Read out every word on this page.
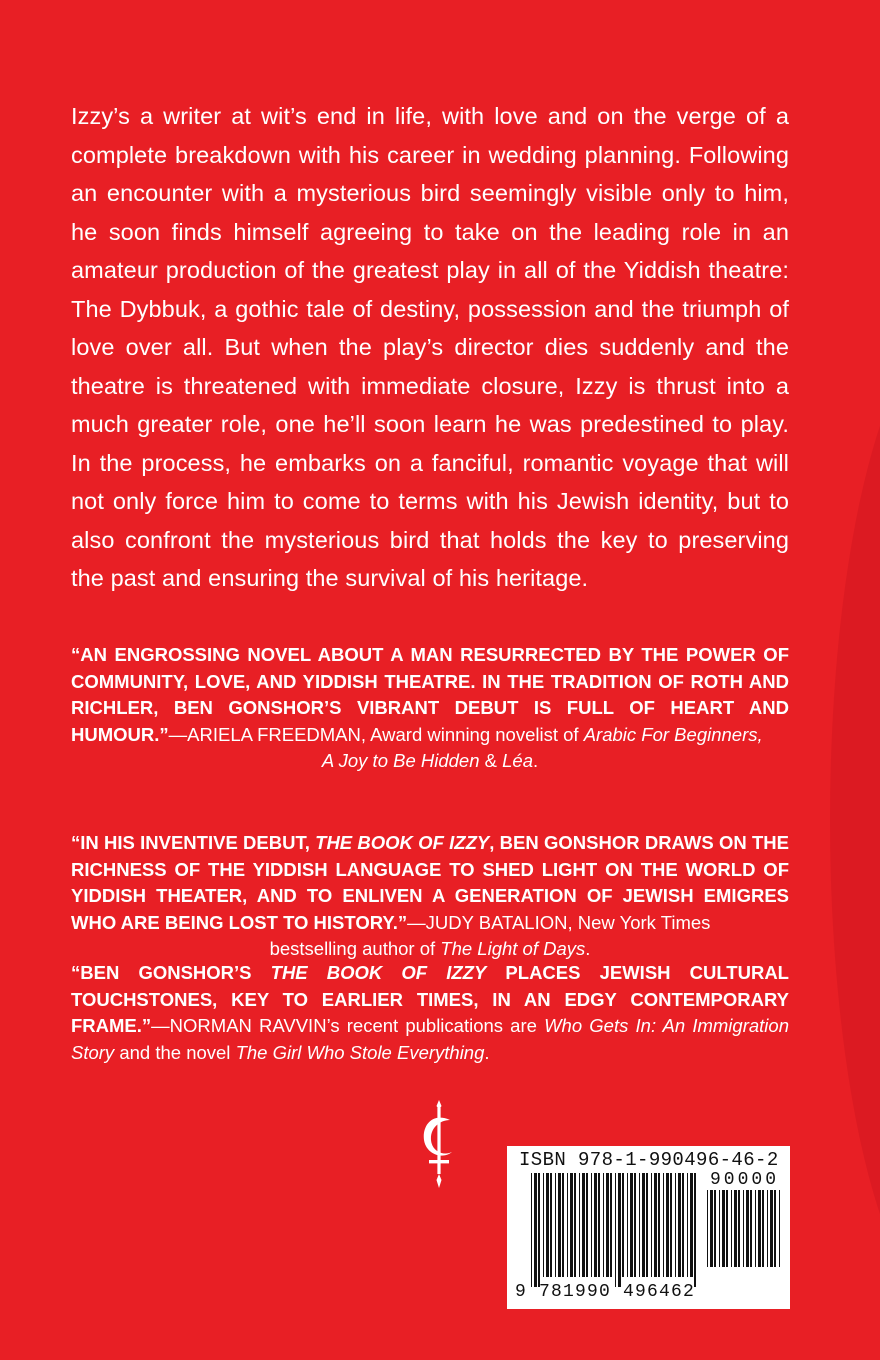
Izzy’s a writer at wit’s end in life, with love and on the verge of a complete breakdown with his career in wedding planning. Following an encounter with a mysterious bird seemingly visible only to him, he soon finds himself agreeing to take on the leading role in an amateur production of the greatest play in all of the Yiddish theatre: The Dybbuk, a gothic tale of destiny, possession and the triumph of love over all. But when the play’s director dies suddenly and the theatre is threatened with immediate closure, Izzy is thrust into a much greater role, one he’ll soon learn he was predestined to play. In the process, he embarks on a fanciful, romantic voyage that will not only force him to come to terms with his Jewish identity, but to also confront the mysterious bird that holds the key to preserving the past and ensuring the survival of his heritage.

“AN ENGROSSING NOVEL ABOUT A MAN RESURRECTED BY THE POWER OF COMMUNITY, LOVE, AND YIDDISH THEATRE. IN THE TRADITION OF ROTH AND RICHLER, BEN GONSHOR’S VIBRANT DEBUT IS FULL OF HEART AND HUMOUR.”—ARIELA FREEDMAN, Award winning novelist of Arabic For Beginners,
A Joy to Be Hidden & Léa.

“IN HIS INVENTIVE DEBUT, THE BOOK OF IZZY, BEN GONSHOR DRAWS ON THE RICHNESS OF THE YIDDISH LANGUAGE TO SHED LIGHT ON THE WORLD OF YIDDISH THEATER, AND TO ENLIVEN A GENERATION OF JEWISH EMIGRES WHO ARE BEING LOST TO HISTORY.”—JUDY BATALION, New York Times
bestselling author of The Light of Days.

“BEN GONSHOR’S THE BOOK OF IZZY PLACES JEWISH CULTURAL TOUCHSTONES, KEY TO EARLIER TIMES, IN AN EDGY CONTEMPORARY FRAME.”—NORMAN RAVVIN’s recent publications are Who Gets In: An Immigration Story and the novel The Girl Who Stole Everything.

ISBN 978-1-990496-46-2
90000
9 781990 496462
